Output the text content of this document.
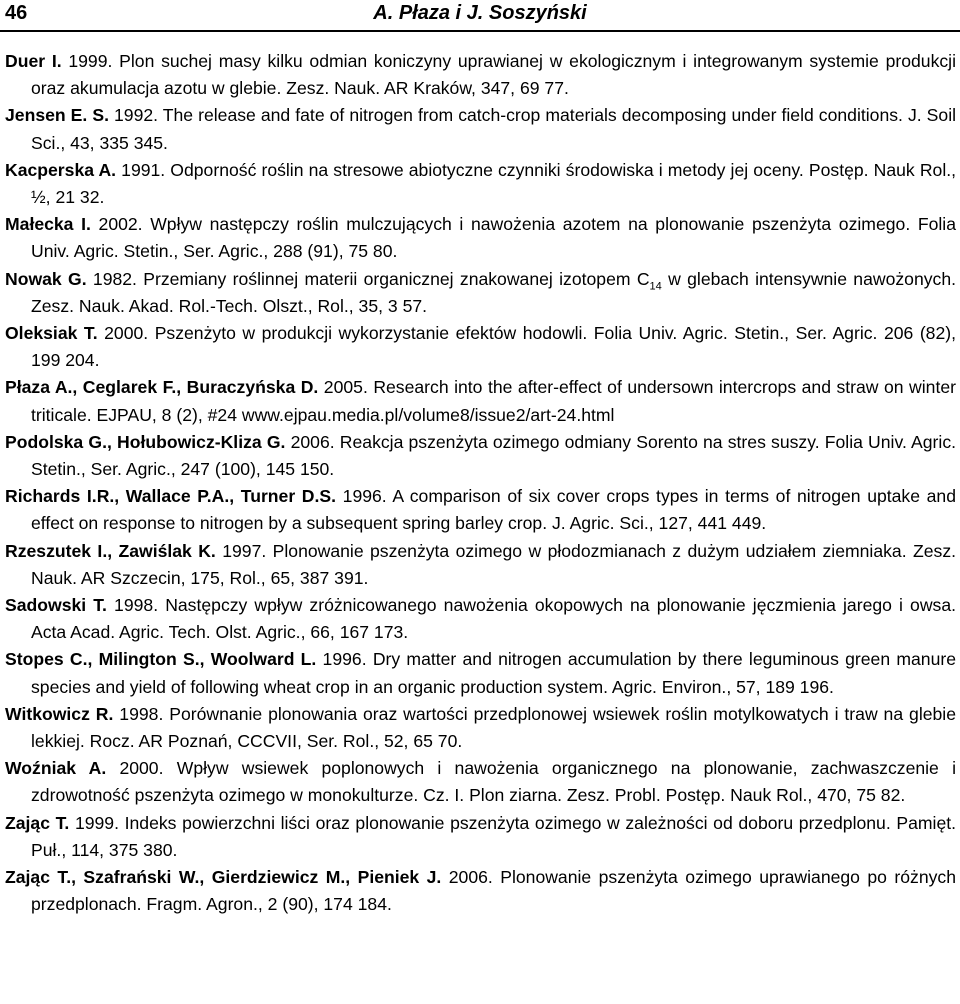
46	A. Płaza i J. Soszyński

Duer I. 1999. Plon suchej masy kilku odmian koniczyny uprawianej w ekologicznym i integrowanym systemie produkcji oraz akumulacja azotu w glebie. Zesz. Nauk. AR Kraków, 347, 69 77.

Jensen E. S. 1992. The release and fate of nitrogen from catch-crop materials decomposing under field conditions. J. Soil Sci., 43, 335 345.

Kacperska A. 1991. Odporność roślin na stresowe abiotyczne czynniki środowiska i metody jej oceny. Postęp. Nauk Rol., ½, 21 32.

Małecka I. 2002. Wpływ następczy roślin mulczujących i nawożenia azotem na plonowanie pszenżyta ozimego. Folia Univ. Agric. Stetin., Ser. Agric., 288 (91), 75 80.

Nowak G. 1982. Przemiany roślinnej materii organicznej znakowanej izotopem $C_{14}$ w glebach intensywnie nawożonych. Zesz. Nauk. Akad. Rol.-Tech. Olszt., Rol., 35, 3 57.

Oleksiak T. 2000. Pszenżyto w produkcji wykorzystanie efektów hodowli. Folia Univ. Agric. Stetin., Ser. Agric. 206 (82), 199 204.

Płaza A., Ceglarek F., Buraczyńska D. 2005. Research into the after-effect of undersown intercrops and straw on winter triticale. EJPAU, 8 (2), #24 www.ejpau.media.pl/volume8/issue2/art-24.html

Podolska G., Hołubowicz-Kliza G. 2006. Reakcja pszenżyta ozimego odmiany Sorento na stres suszy. Folia Univ. Agric. Stetin., Ser. Agric., 247 (100), 145 150.

Richards I.R., Wallace P.A., Turner D.S. 1996. A comparison of six cover crops types in terms of nitrogen uptake and effect on response to nitrogen by a subsequent spring barley crop. J. Agric. Sci., 127, 441 449.

Rzeszutek I., Zawiślak K. 1997. Plonowanie pszenżyta ozimego w płodozmianach z dużym udziałem ziemniaka. Zesz. Nauk. AR Szczecin, 175, Rol., 65, 387 391.

Sadowski T. 1998. Następczy wpływ zróżnicowanego nawożenia okopowych na plonowanie jęczmienia jarego i owsa. Acta Acad. Agric. Tech. Olst. Agric., 66, 167 173.

Stopes C., Milington S., Woolward L. 1996. Dry matter and nitrogen accumulation by there leguminous green manure species and yield of following wheat crop in an organic production system. Agric. Environ., 57, 189 196.

Witkowicz R. 1998. Porównanie plonowania oraz wartości przedplonowej wsiewek roślin motylkowatych i traw na glebie lekkiej. Rocz. AR Poznań, CCCVII, Ser. Rol., 52, 65 70.

Woźniak A. 2000. Wpływ wsiewek poplonowych i nawożenia organicznego na plonowanie, zachwaszczenie i zdrowotność pszenżyta ozimego w monokulturze. Cz. I. Plon ziarna. Zesz. Probl. Postęp. Nauk Rol., 470, 75 82.

Zając T. 1999. Indeks powierzchni liści oraz plonowanie pszenżyta ozimego w zależności od doboru przedplonu. Pamięt. Puł., 114, 375 380.

Zając T., Szafrański W., Gierdziewicz M., Pieniek J. 2006. Plonowanie pszenżyta ozimego uprawianego po różnych przedplonach. Fragm. Agron., 2 (90), 174 184.
